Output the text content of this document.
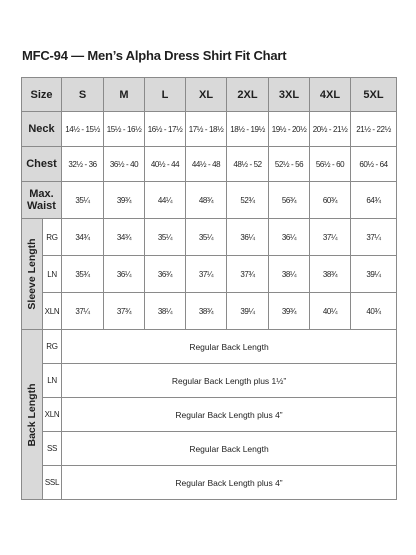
MFC-94 — Men’s Alpha Dress Shirt Fit Chart
Size		S	M	L	XL	2XL	3XL	4XL	5XL
Neck		14½ - 15½	15½ - 16½	16½ - 17½	17½ - 18½	18½ - 19½	19½ - 20½	20½ - 21½	21½ - 22½
Chest		32½ - 36	36½ - 40	40½ - 44	44½ - 48	48½ - 52	52½ - 56	56½ - 60	60½ - 64

Max.
Waist		35¼	39¾	44¼	48¾	52¾	56¾	60¾	64¾

Sleeve Length	RG	34¾	34¾	35¼	35¼	36¼	36¼	37¼	37¼
	LN	35¾	36¼	36¾	37¼	37¾	38¼	38¾	39¼
	XLN	37¼	37¾	38¼	38¾	39¼	39¾	40¼	40¾

Back Length	RG	Regular Back Length							
	LN	Regular Back Length plus 1½”							
	XLN	Regular Back Length plus 4”							
	SS	Regular Back Length							
	SSL	Regular Back Length plus 4”							
